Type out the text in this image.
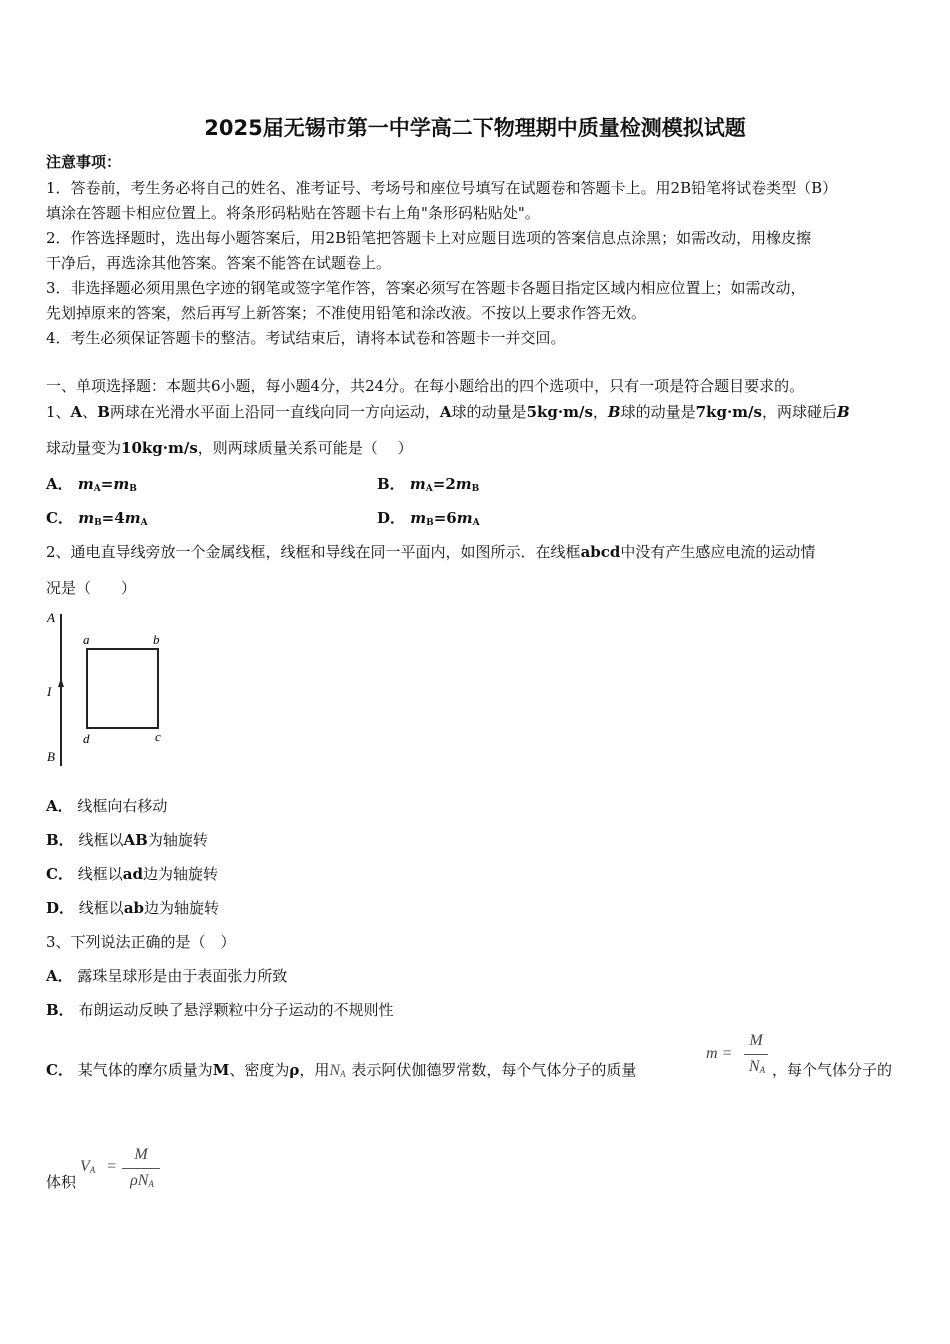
2025届无锡市第一中学高二下物理期中质量检测模拟试题
注意事项：
1．答卷前，考生务必将自己的姓名、准考证号、考场号和座位号填写在试题卷和答题卡上。用2B铅笔将试卷类型（B）
填涂在答题卡相应位置上。将条形码粘贴在答题卡右上角"条形码粘贴处"。
2．作答选择题时，选出每小题答案后，用2B铅笔把答题卡上对应题目选项的答案信息点涂黑；如需改动，用橡皮擦
干净后，再选涂其他答案。答案不能答在试题卷上。
3．非选择题必须用黑色字迹的钢笔或签字笔作答，答案必须写在答题卡各题目指定区域内相应位置上；如需改动，
先划掉原来的答案，然后再写上新答案；不准使用铅笔和涂改液。不按以上要求作答无效。
4．考生必须保证答题卡的整洁。考试结束后，请将本试卷和答题卡一并交回。
一、单项选择题：本题共6小题，每小题4分，共24分。在每小题给出的四个选项中，只有一项是符合题目要求的。
1、A、B两球在光滑水平面上沿同一直线向同一方向运动，A球的动量是5kg·m/s，B球的动量是7kg·m/s，两球碰后B
球动量变为10kg·m/s，则两球质量关系可能是（　 ）
A． $m_A=m_B$	B． $m_A=2m_B$
C． $m_B=4m_A$	D． $m_B=6m_A$
2、通电直导线旁放一个金属线框，线框和导线在同一平面内，如图所示．在线框abcd中没有产生感应电流的运动情
况是（　　）
A
I
B
a	b
d	c
A． 线框向右移动
B． 线框以AB为轴旋转
C． 线框以ad边为轴旋转
D． 线框以ab边为轴旋转
3、下列说法正确的是（　）
A． 露珠呈球形是由于表面张力所致
B． 布朗运动反映了悬浮颗粒中分子运动的不规则性
C． 某气体的摩尔质量为M、密度为ρ，用$N_A$ 表示阿伏伽德罗常数，每个气体分子的质量
m =
M
$N_A$ ，每个气体分子的
体积
$V_A$ =
M
$\rho N_A$
